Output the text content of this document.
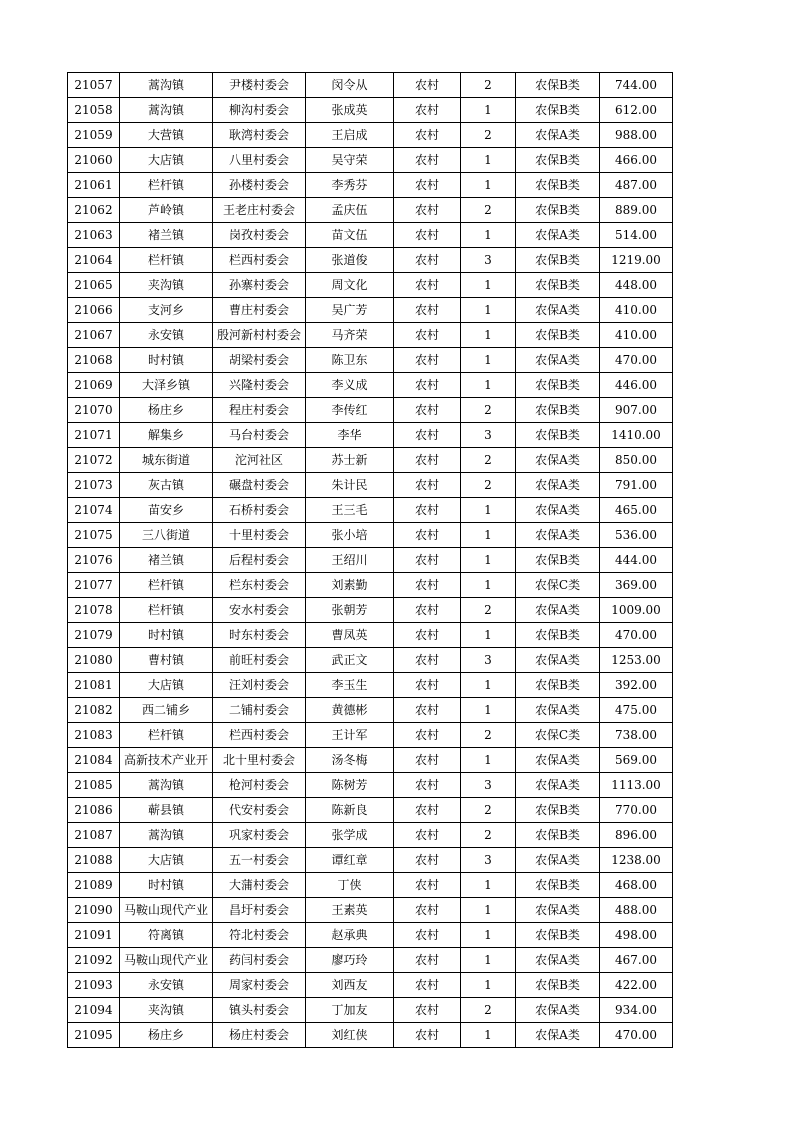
21057	蒿沟镇	尹楼村委会	闵令从	农村	2	农保B类	744.00
21058	蒿沟镇	柳沟村委会	张成英	农村	1	农保B类	612.00
21059	大营镇	耿湾村委会	王启成	农村	2	农保A类	988.00
21060	大店镇	八里村委会	吴守荣	农村	1	农保B类	466.00
21061	栏杆镇	孙楼村委会	李秀芬	农村	1	农保B类	487.00
21062	芦岭镇	王老庄村委会	孟庆伍	农村	2	农保B类	889.00
21063	褚兰镇	岗孜村委会	苗文伍	农村	1	农保A类	514.00
21064	栏杆镇	栏西村委会	张道俊	农村	3	农保B类	1219.00
21065	夹沟镇	孙寨村委会	周文化	农村	1	农保B类	448.00
21066	支河乡	曹庄村委会	吴广芳	农村	1	农保A类	410.00
21067	永安镇	殷河新村村委会	马齐荣	农村	1	农保B类	410.00
21068	时村镇	胡梁村委会	陈卫东	农村	1	农保A类	470.00
21069	大泽乡镇	兴隆村委会	李义成	农村	1	农保B类	446.00
21070	杨庄乡	程庄村委会	李传红	农村	2	农保B类	907.00
21071	解集乡	马台村委会	李华	农村	3	农保B类	1410.00
21072	城东街道	沱河社区	苏士新	农村	2	农保A类	850.00
21073	灰古镇	碾盘村委会	朱计民	农村	2	农保A类	791.00
21074	苗安乡	石桥村委会	王三毛	农村	1	农保A类	465.00
21075	三八街道	十里村委会	张小培	农村	1	农保A类	536.00
21076	褚兰镇	后程村委会	王绍川	农村	1	农保B类	444.00
21077	栏杆镇	栏东村委会	刘素勤	农村	1	农保C类	369.00
21078	栏杆镇	安水村委会	张朝芳	农村	2	农保A类	1009.00
21079	时村镇	时东村委会	曹凤英	农村	1	农保B类	470.00
21080	曹村镇	前旺村委会	武正文	农村	3	农保A类	1253.00
21081	大店镇	汪刘村委会	李玉生	农村	1	农保B类	392.00
21082	西二铺乡	二铺村委会	黄德彬	农村	1	农保A类	475.00
21083	栏杆镇	栏西村委会	王计军	农村	2	农保C类	738.00
21084	高新技术产业开	北十里村委会	汤冬梅	农村	1	农保A类	569.00
21085	蒿沟镇	枪河村委会	陈树芳	农村	3	农保A类	1113.00
21086	蕲县镇	代安村委会	陈新良	农村	2	农保B类	770.00
21087	蒿沟镇	巩家村委会	张学成	农村	2	农保B类	896.00
21088	大店镇	五一村委会	谭红章	农村	3	农保A类	1238.00
21089	时村镇	大蒲村委会	丁侠	农村	1	农保B类	468.00
21090	马鞍山现代产业	昌圩村委会	王素英	农村	1	农保A类	488.00
21091	符离镇	符北村委会	赵承典	农村	1	农保B类	498.00
21092	马鞍山现代产业	药闫村委会	廖巧玲	农村	1	农保A类	467.00
21093	永安镇	周家村委会	刘西友	农村	1	农保B类	422.00
21094	夹沟镇	镇头村委会	丁加友	农村	2	农保A类	934.00
21095	杨庄乡	杨庄村委会	刘红侠	农村	1	农保A类	470.00
